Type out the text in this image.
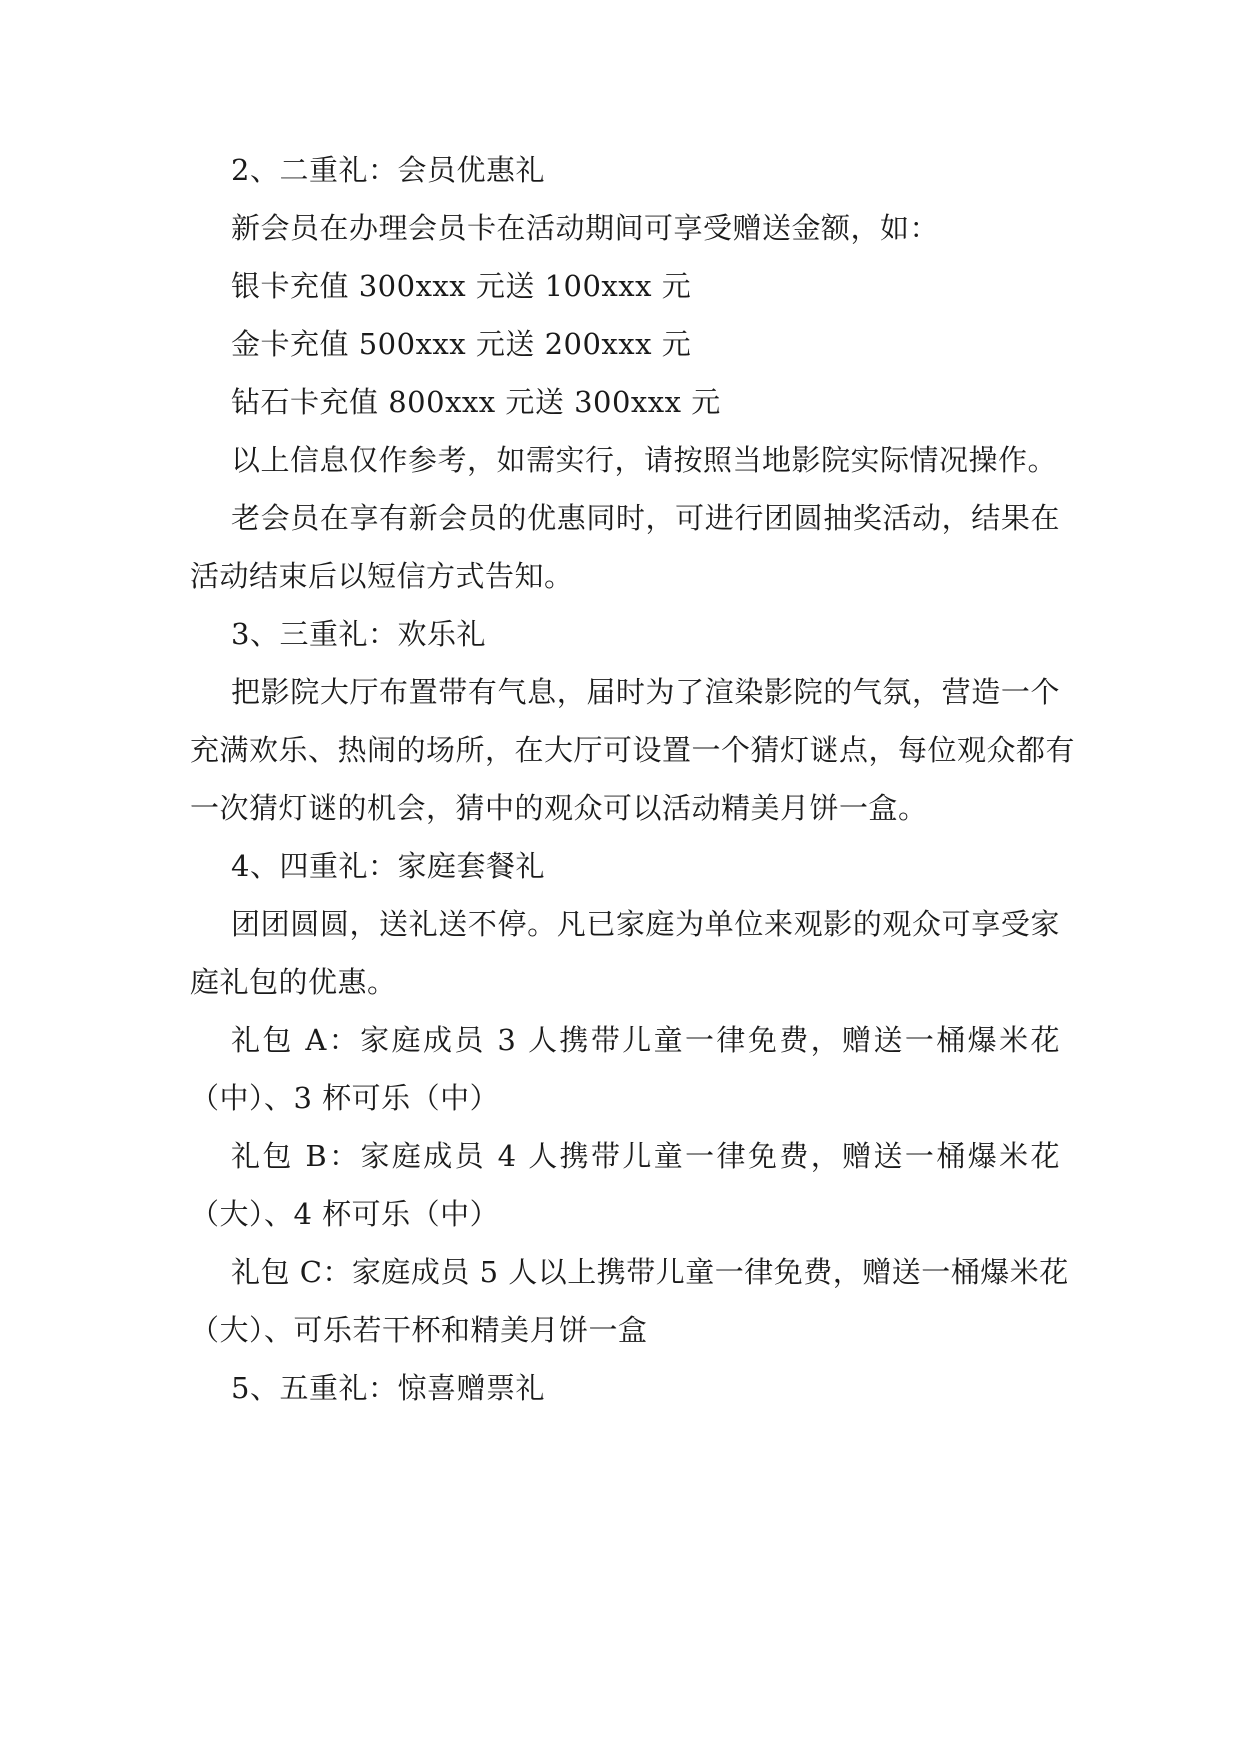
2、二重礼：会员优惠礼
新会员在办理会员卡在活动期间可享受赠送金额，如：
银卡充值 300xxx 元送 100xxx 元
金卡充值 500xxx 元送 200xxx 元
钻石卡充值 800xxx 元送 300xxx 元
以上信息仅作参考，如需实行，请按照当地影院实际情况操作。
老会员在享有新会员的优惠同时，可进行团圆抽奖活动，结果在
活动结束后以短信方式告知。
3、三重礼：欢乐礼
把影院大厅布置带有气息，届时为了渲染影院的气氛，营造一个
充满欢乐、热闹的场所，在大厅可设置一个猜灯谜点，每位观众都有
一次猜灯谜的机会，猜中的观众可以活动精美月饼一盒。
4、四重礼：家庭套餐礼
团团圆圆，送礼送不停。凡已家庭为单位来观影的观众可享受家
庭礼包的优惠。
礼包 A：家庭成员 3 人携带儿童一律免费，赠送一桶爆米花
（中）、3 杯可乐（中）
礼包 B：家庭成员 4 人携带儿童一律免费，赠送一桶爆米花
（大）、4 杯可乐（中）
礼包 C：家庭成员 5 人以上携带儿童一律免费，赠送一桶爆米花
（大）、可乐若干杯和精美月饼一盒
5、五重礼：惊喜赠票礼
